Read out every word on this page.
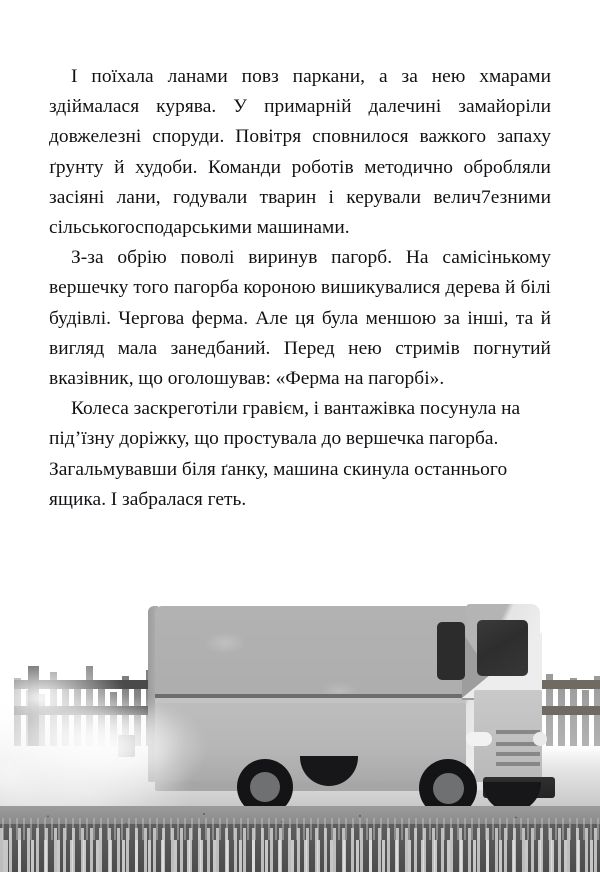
І поїхала ланами повз паркани, а за нею хмарами здіймалася курява. У примарній далечині замайоріли довжелезні споруди. Повітря сповнилося важкого запаху ґрунту й худоби. Команди роботів методично обробляли засіяні лани, годували тварин і керували велич7езними сільськогосподарськими машинами.

З-за обрію поволі виринув пагорб. На самісінькому вершечку того пагорба короною вишикувалися дерева й білі будівлі. Чергова ферма. Але ця була меншою за інші, та й вигляд мала занедбаний. Перед нею стримів погнутий вказівник, що оголошував: «Ферма на пагорбі».

Колеса заскреготіли гравієм, і вантажівка посунула на під’їзну доріжку, що простувала до вершечка пагорба. Загальмувавши біля ґанку, машина скинула останнього ящика. І забралася геть.
